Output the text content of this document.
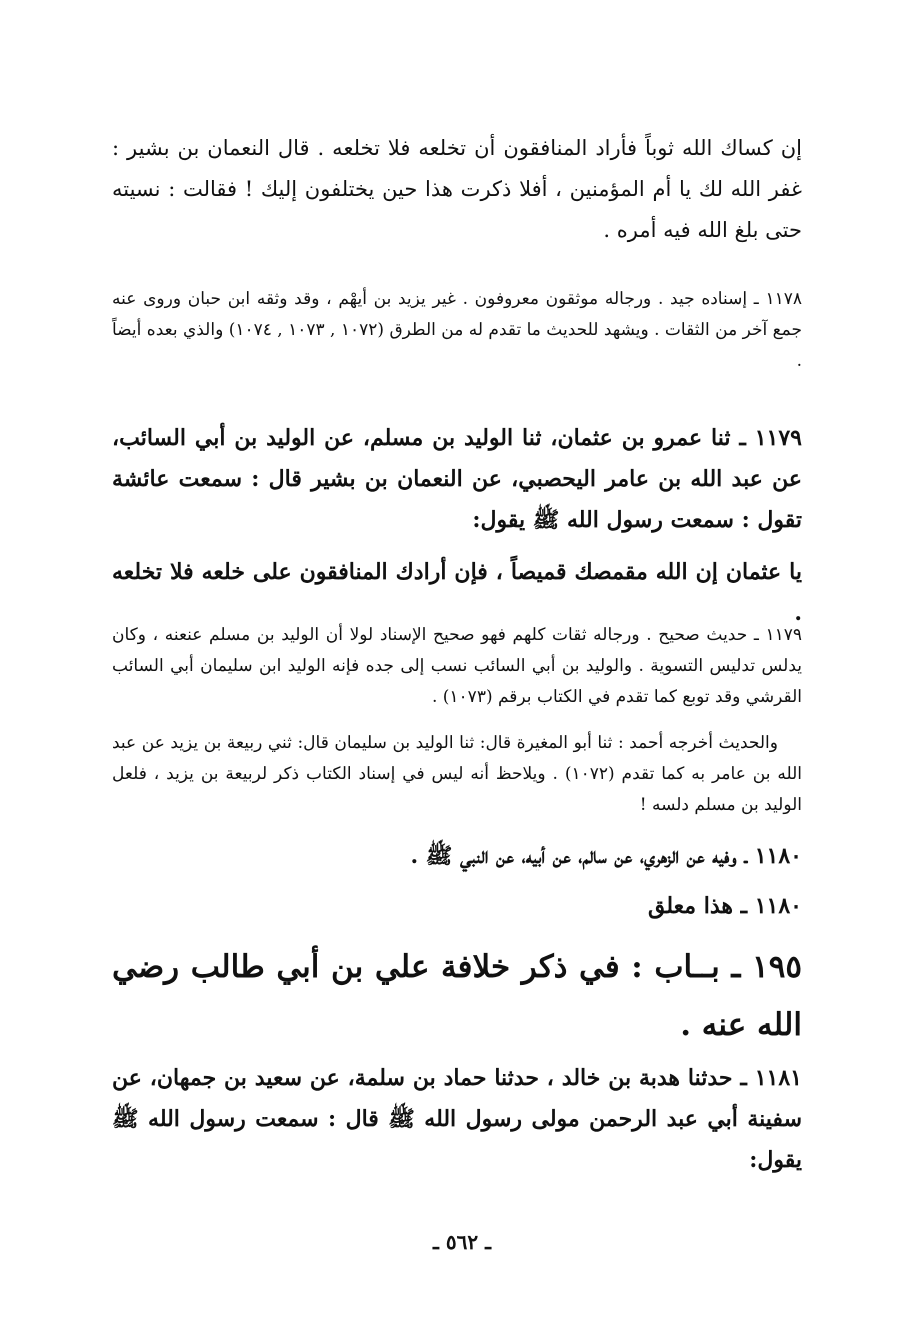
إن كساك الله ثوباً فأراد المنافقون أن تخلعه فلا تخلعه . قال النعمان بن بشير : غفر الله لك يا أم المؤمنين ، أفلا ذكرت هذا حين يختلفون إليك ! فقالت : نسيته حتى بلغ الله فيه أمره .

١١٧٨ ـ إسناده جيد . ورجاله موثقون معروفون . غير يزيد بن أيهْم ، وقد وثقه ابن حبان وروى عنه جمع آخر من الثقات . ويشهد للحديث ما تقدم له من الطرق (١٠٧٢ , ١٠٧٣ , ١٠٧٤) والذي بعده أيضاً .

١١٧٩ ـ ثنا عمرو بن عثمان، ثنا الوليد بن مسلم، عن الوليد بن أبي السائب، عن عبد الله بن عامر اليحصبي، عن النعمان بن بشير قال : سمعت عائشة تقول : سمعت رسول الله ﷺ يقول:

يا عثمان إن الله مقمصك قميصاً ، فإن أرادك المنافقون على خلعه فلا تخلعه .

١١٧٩ ـ حديث صحيح . ورجاله ثقات كلهم فهو صحيح الإسناد لولا أن الوليد بن مسلم عنعنه ، وكان يدلس تدليس التسوية . والوليد بن أبي السائب نسب إلى جده فإنه الوليد ابن سليمان أبي السائب القرشي وقد توبع كما تقدم في الكتاب برقم (١٠٧٣) .

والحديث أخرجه أحمد : ثنا أبو المغيرة قال: ثنا الوليد بن سليمان قال: ثني ربيعة بن يزيد عن عبد الله بن عامر به كما تقدم (١٠٧٢) . ويلاحظ أنه ليس في إسناد الكتاب ذكر لربيعة بن يزيد ، فلعل الوليد بن مسلم دلسه !

١١٨٠ ـ وفيه عن الزهري، عن سالم، عن أبيه، عن النبي ﷺ .

١١٨٠ ـ هذا معلق

١٩٥ ـ بــاب : في ذكر خلافة علي بن أبي طالب رضي الله عنه .

١١٨١ ـ حدثنا هدبة بن خالد ، حدثنا حماد بن سلمة، عن سعيد بن جمهان، عن سفينة أبي عبد الرحمن مولى رسول الله ﷺ قال : سمعت رسول الله ﷺ يقول:

ـ ٥٦٢ ـ
